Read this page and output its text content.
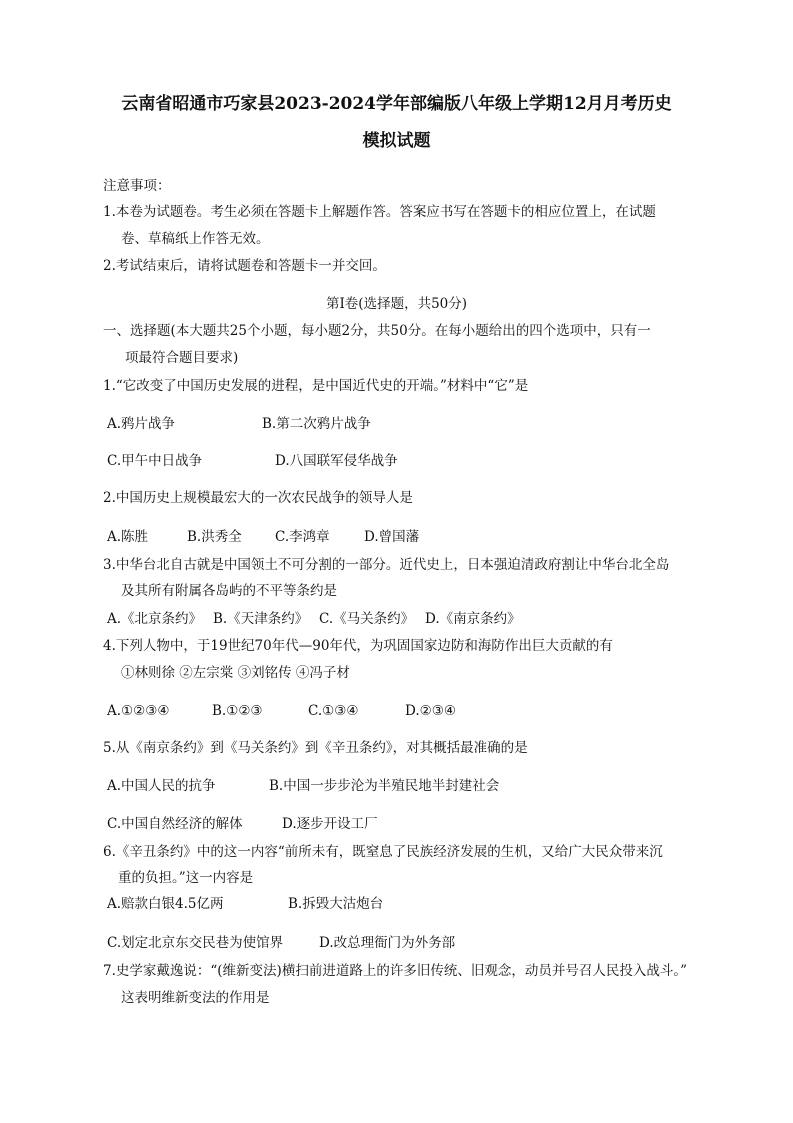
云南省昭通市巧家县2023-2024学年部编版八年级上学期12月月考历史
模拟试题
注意事项：
1.本卷为试题卷。考生必须在答题卡上解题作答。答案应书写在答题卡的相应位置上，在试题
卷、草稿纸上作答无效。
2.考试结束后，请将试题卷和答题卡一并交回。
第Ⅰ卷(选择题，共50分)
一、选择题(本大题共25个小题，每小题2分，共50分。在每小题给出的四个选项中，只有一
项最符合题目要求)
1.“它改变了中国历史发展的进程，是中国近代史的开端。”材料中“它”是
A.鸦片战争	B.第二次鸦片战争
C.甲午中日战争	D.八国联军侵华战争
2.中国历史上规模最宏大的一次农民战争的领导人是
A.陈胜	B.洪秀全 C.李鸿章	D.曾国藩
3.中华台北自古就是中国领土不可分割的一部分。近代史上，日本强迫清政府割让中华台北全岛
及其所有附属各岛屿的不平等条约是
A.《北京条约》 B.《天津条约》 C.《马关条约》 D.《南京条约》
4.下列人物中，于19世纪70年代—90年代，为巩固国家边防和海防作出巨大贡献的有
①林则徐 ②左宗棠 ③刘铭传 ④冯子材
A.①②③④	B.①②③	C.①③④	D.②③④
5.从《南京条约》到《马关条约》到《辛丑条约》，对其概括最准确的是
A.中国人民的抗争	B.中国一步步沦为半殖民地半封建社会
C.中国自然经济的解体	D.逐步开设工厂
6.《辛丑条约》中的这一内容“前所未有，既窒息了民族经济发展的生机，又给广大民众带来沉
重的负担。”这一内容是
A.赔款白银4.5亿两	B.拆毁大沽炮台
C.划定北京东交民巷为使馆界	D.改总理衙门为外务部
7.史学家戴逸说：“(维新变法)横扫前进道路上的许多旧传统、旧观念，动员并号召人民投入战斗。”
这表明维新变法的作用是
